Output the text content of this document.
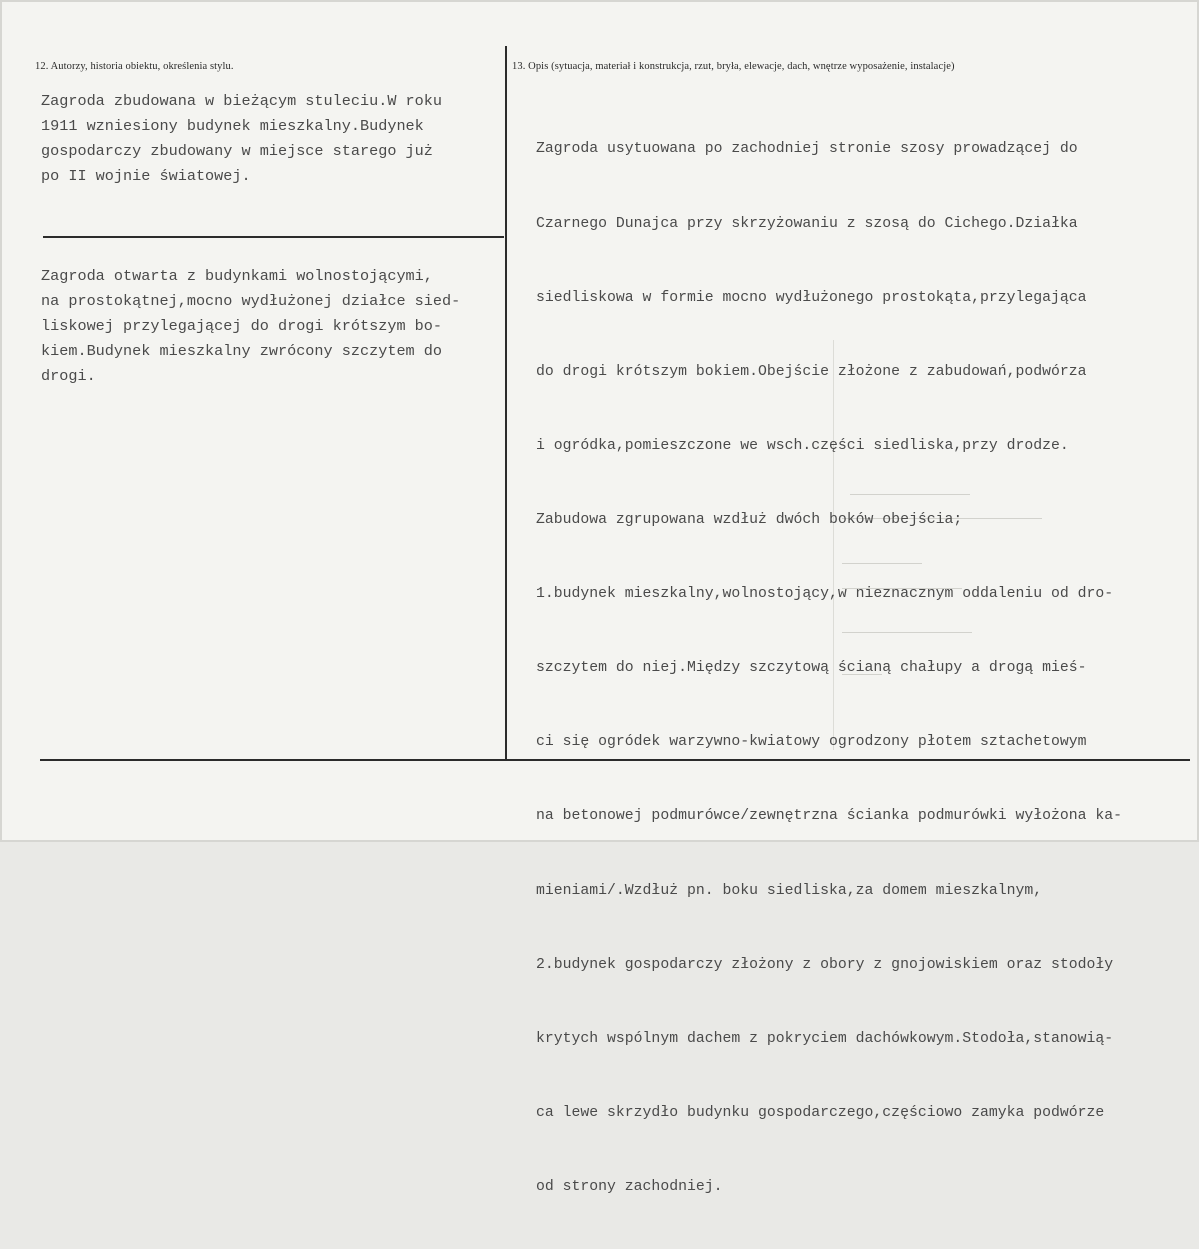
12. Autorzy, historia obiektu, określenia stylu.	13. Opis (sytuacja, materiał i konstrukcja, rzut, bryła, elewacje, dach, wnętrze wyposażenie, instalacje)
Zagroda zbudowana w bieżącym stuleciu.W roku
1911 wzniesiony budynek mieszkalny.Budynek
gospodarczy zbudowany w miejsce starego już
po II wojnie światowej.
Zagroda otwarta z budynkami wolnostojącymi,
na prostokątnej,mocno wydłużonej działce sied-
liskowej przylegającej do drogi krótszym bo-
kiem.Budynek mieszkalny zwrócony szczytem do
drogi.

Zagroda usytuowana po zachodniej stronie szosy prowadzącej do

Czarnego Dunajca przy skrzyżowaniu z szosą do Cichego.Działka

siedliskowa w formie mocno wydłużonego prostokąta,przylegająca

do drogi krótszym bokiem.Obejście złożone z zabudowań,podwórza

i ogródka,pomieszczone we wsch.części siedliska,przy drodze.

Zabudowa zgrupowana wzdłuż dwóch boków obejścia;

1.budynek mieszkalny,wolnostojący,w nieznacznym oddaleniu od dro-

szczytem do niej.Między szczytową ścianą chałupy a drogą mieś-

ci się ogródek warzywno-kwiatowy ogrodzony płotem sztachetowym

na betonowej podmurówce/zewnętrzna ścianka podmurówki wyłożona ka-

mieniami/.Wzdłuż pn. boku siedliska,za domem mieszkalnym,

2.budynek gospodarczy złożony z obory z gnojowiskiem oraz stodoły

krytych wspólnym dachem z pokryciem dachówkowym.Stodoła,stanowią-

ca lewe skrzydło budynku gospodarczego,częściowo zamyka podwórze

od strony zachodniej.
